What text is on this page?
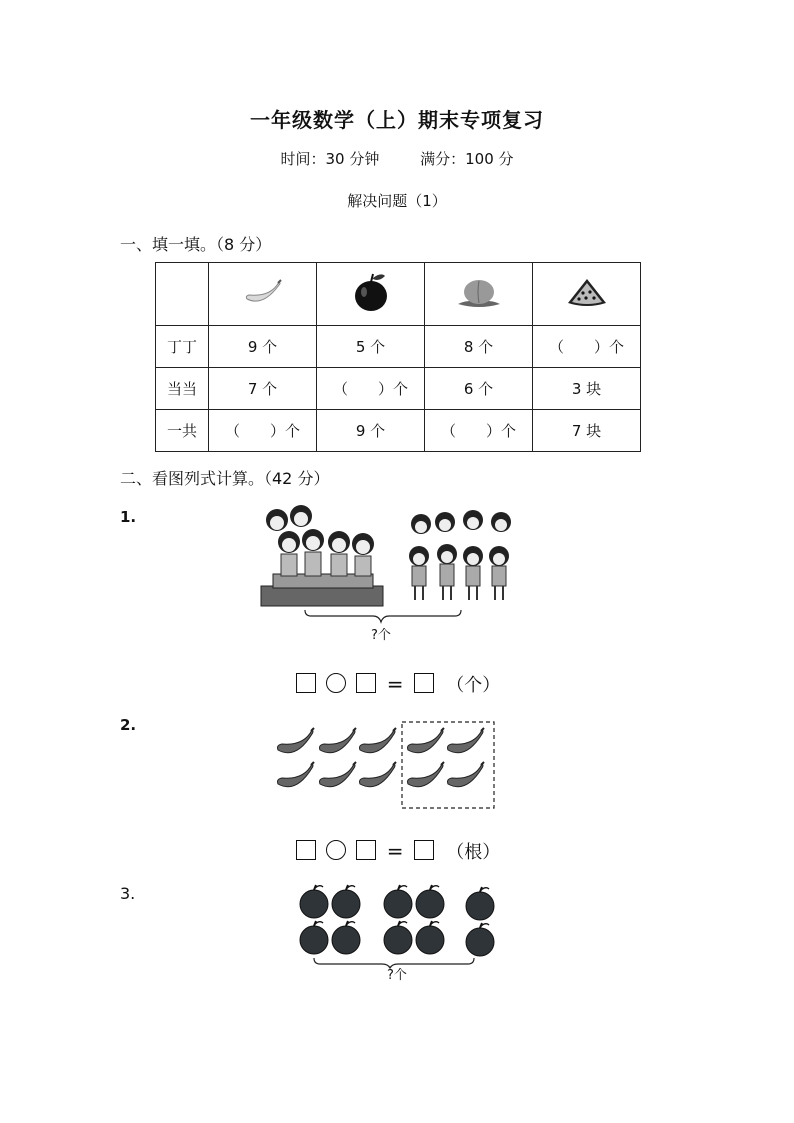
一年级数学（上）期末专项复习
时间：30 分钟	满分：100 分
解决问题（1）
一、填一填。（8 分）

丁丁	9 个	5 个	8 个	（　　）个
当当	7 个	（　　）个	6 个	3 块
一共	（　　）个	9 个	（　　）个	7 块
二、看图列式计算。（42 分）
1.
?个
= （个）
2.
= （根）
3.
?个
